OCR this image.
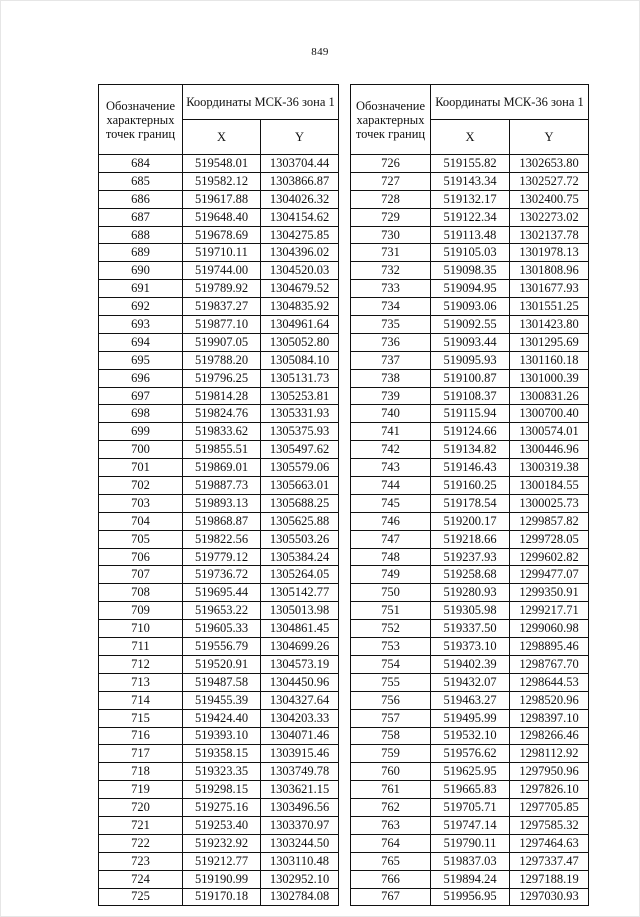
849
Обозначение характерных точек границ	Координаты МСК-36 зона 1	
	X	Y
684	519548.01	1303704.44
685	519582.12	1303866.87
686	519617.88	1304026.32
687	519648.40	1304154.62
688	519678.69	1304275.85
689	519710.11	1304396.02
690	519744.00	1304520.03
691	519789.92	1304679.52
692	519837.27	1304835.92
693	519877.10	1304961.64
694	519907.05	1305052.80
695	519788.20	1305084.10
696	519796.25	1305131.73
697	519814.28	1305253.81
698	519824.76	1305331.93
699	519833.62	1305375.93
700	519855.51	1305497.62
701	519869.01	1305579.06
702	519887.73	1305663.01
703	519893.13	1305688.25
704	519868.87	1305625.88
705	519822.56	1305503.26
706	519779.12	1305384.24
707	519736.72	1305264.05
708	519695.44	1305142.77
709	519653.22	1305013.98
710	519605.33	1304861.45
711	519556.79	1304699.26
712	519520.91	1304573.19
713	519487.58	1304450.96
714	519455.39	1304327.64
715	519424.40	1304203.33
716	519393.10	1304071.46
717	519358.15	1303915.46
718	519323.35	1303749.78
719	519298.15	1303621.15
720	519275.16	1303496.56
721	519253.40	1303370.97
722	519232.92	1303244.50
723	519212.77	1303110.48
724	519190.99	1302952.10
725	519170.18	1302784.08
Обозначение характерных точек границ	Координаты МСК-36 зона 1	
	X	Y
726	519155.82	1302653.80
727	519143.34	1302527.72
728	519132.17	1302400.75
729	519122.34	1302273.02
730	519113.48	1302137.78
731	519105.03	1301978.13
732	519098.35	1301808.96
733	519094.95	1301677.93
734	519093.06	1301551.25
735	519092.55	1301423.80
736	519093.44	1301295.69
737	519095.93	1301160.18
738	519100.87	1301000.39
739	519108.37	1300831.26
740	519115.94	1300700.40
741	519124.66	1300574.01
742	519134.82	1300446.96
743	519146.43	1300319.38
744	519160.25	1300184.55
745	519178.54	1300025.73
746	519200.17	1299857.82
747	519218.66	1299728.05
748	519237.93	1299602.82
749	519258.68	1299477.07
750	519280.93	1299350.91
751	519305.98	1299217.71
752	519337.50	1299060.98
753	519373.10	1298895.46
754	519402.39	1298767.70
755	519432.07	1298644.53
756	519463.27	1298520.96
757	519495.99	1298397.10
758	519532.10	1298266.46
759	519576.62	1298112.92
760	519625.95	1297950.96
761	519665.83	1297826.10
762	519705.71	1297705.85
763	519747.14	1297585.32
764	519790.11	1297464.63
765	519837.03	1297337.47
766	519894.24	1297188.19
767	519956.95	1297030.93
